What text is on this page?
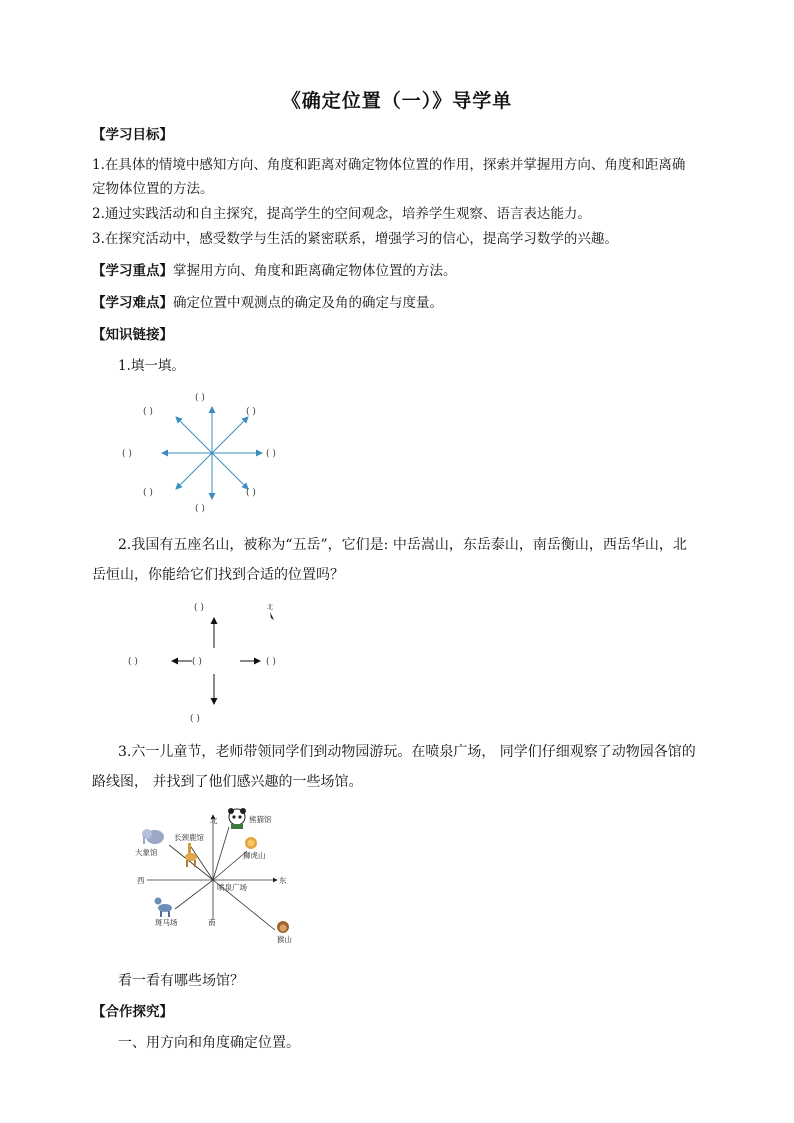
《确定位置（一）》导学单
【学习目标】
1.在具体的情境中感知方向、角度和距离对确定物体位置的作用，探索并掌握用方向、角度和距离确
定物体位置的方法。
2.通过实践活动和自主探究，提高学生的空间观念，培养学生观察、语言表达能力。
3.在探究活动中，感受数学与生活的紧密联系，增强学习的信心，提高学习数学的兴趣。
【学习重点】掌握用方向、角度和距离确定物体位置的方法。
【学习难点】确定位置中观测点的确定及角的确定与度量。
【知识链接】
1.填一填。
( )
( )	( )
( )	( )
( )	( )
( )
2.我国有五座名山，被称为“五岳”，它们是: 中岳嵩山，东岳泰山，南岳衡山，西岳华山，北
岳恒山，你能给它们找到合适的位置吗？
( )	北
( )	( )	( )
( )
3.六一儿童节，老师带领同学们到动物园游玩。在喷泉广场， 同学们仔细观察了动物园各馆的
路线图， 并找到了他们感兴趣的一些场馆。
北
南
东
西
喷泉广场
大象馆
长颈鹿馆
熊猫馆
狮虎山
斑马场
猴山
看一看有哪些场馆？
【合作探究】
一、用方向和角度确定位置。
